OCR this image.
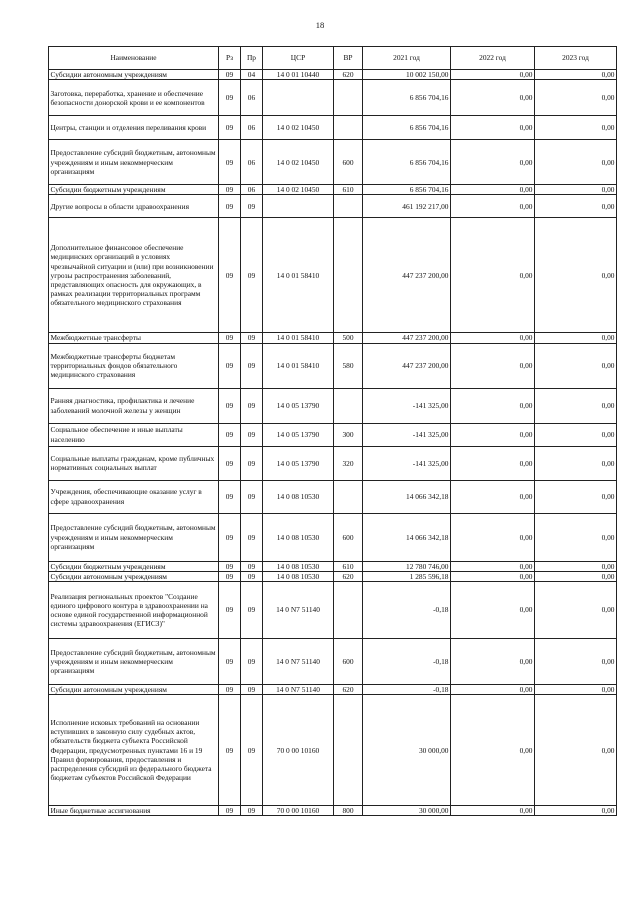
18
Наименование	Рз	Пр	ЦСР	ВР	2021 год	2022 год	2023 год
Субсидии автономным учреждениям	09	04	14 0 01 10440	620	10 002 150,00	0,00	0,00
Заготовка, переработка, хранение и обеспечение безопасности донорской крови и ее компонентов	09	06			6 856 704,16	0,00	0,00
Центры, станции и отделения переливания крови	09	06	14 0 02 10450		6 856 704,16	0,00	0,00
Предоставление субсидий бюджетным, автономным учреждениям и иным некоммерческим организациям	09	06	14 0 02 10450	600	6 856 704,16	0,00	0,00
Субсидии бюджетным учреждениям	09	06	14 0 02 10450	610	6 856 704,16	0,00	0,00
Другие вопросы в области здравоохранения	09	09			461 192 217,00	0,00	0,00
Дополнительное финансовое обеспечение медицинских организаций в условиях чрезвычайной ситуации и (или) при возникновении угрозы распространения заболеваний, представляющих опасность для окружающих, в рамках реализации территориальных программ обязательного медицинского страхования	09	09	14 0 01 58410		447 237 200,00	0,00	0,00
Межбюджетные трансферты	09	09	14 0 01 58410	500	447 237 200,00	0,00	0,00
Межбюджетные трансферты бюджетам территориальных фондов обязательного медицинского страхования	09	09	14 0 01 58410	580	447 237 200,00	0,00	0,00
Ранняя диагностика, профилактика и лечение заболеваний молочной железы у женщин	09	09	14 0 05 13790		-141 325,00	0,00	0,00
Социальное обеспечение и иные выплаты населению	09	09	14 0 05 13790	300	-141 325,00	0,00	0,00
Социальные выплаты гражданам, кроме публичных нормативных социальных выплат	09	09	14 0 05 13790	320	-141 325,00	0,00	0,00
Учреждения, обеспечивающие оказание услуг в сфере здравоохранения	09	09	14 0 08 10530		14 066 342,18	0,00	0,00
Предоставление субсидий бюджетным, автономным учреждениям и иным некоммерческим организациям	09	09	14 0 08 10530	600	14 066 342,18	0,00	0,00
Субсидии бюджетным учреждениям	09	09	14 0 08 10530	610	12 780 746,00	0,00	0,00
Субсидии автономным учреждениям	09	09	14 0 08 10530	620	1 285 596,18	0,00	0,00
Реализация региональных проектов "Создание единого цифрового контура в здравоохранении на основе единой государственной информационной системы здравоохранения (ЕГИСЗ)"	09	09	14 0 N7 51140		-0,18	0,00	0,00
Предоставление субсидий бюджетным, автономным учреждениям и иным некоммерческим организациям	09	09	14 0 N7 51140	600	-0,18	0,00	0,00
Субсидии автономным учреждениям	09	09	14 0 N7 51140	620	-0,18	0,00	0,00
Исполнение исковых требований на основании вступивших в законную силу судебных актов, обязательств бюджета субъекта Российской Федерации, предусмотренных пунктами 16 и 19 Правил формирования, предоставления и распределения субсидий из федерального бюджета бюджетам субъектов Российской Федерации	09	09	70 0 00 10160		30 000,00	0,00	0,00
Иные бюджетные ассигнования	09	09	70 0 00 10160	800	30 000,00	0,00	0,00
